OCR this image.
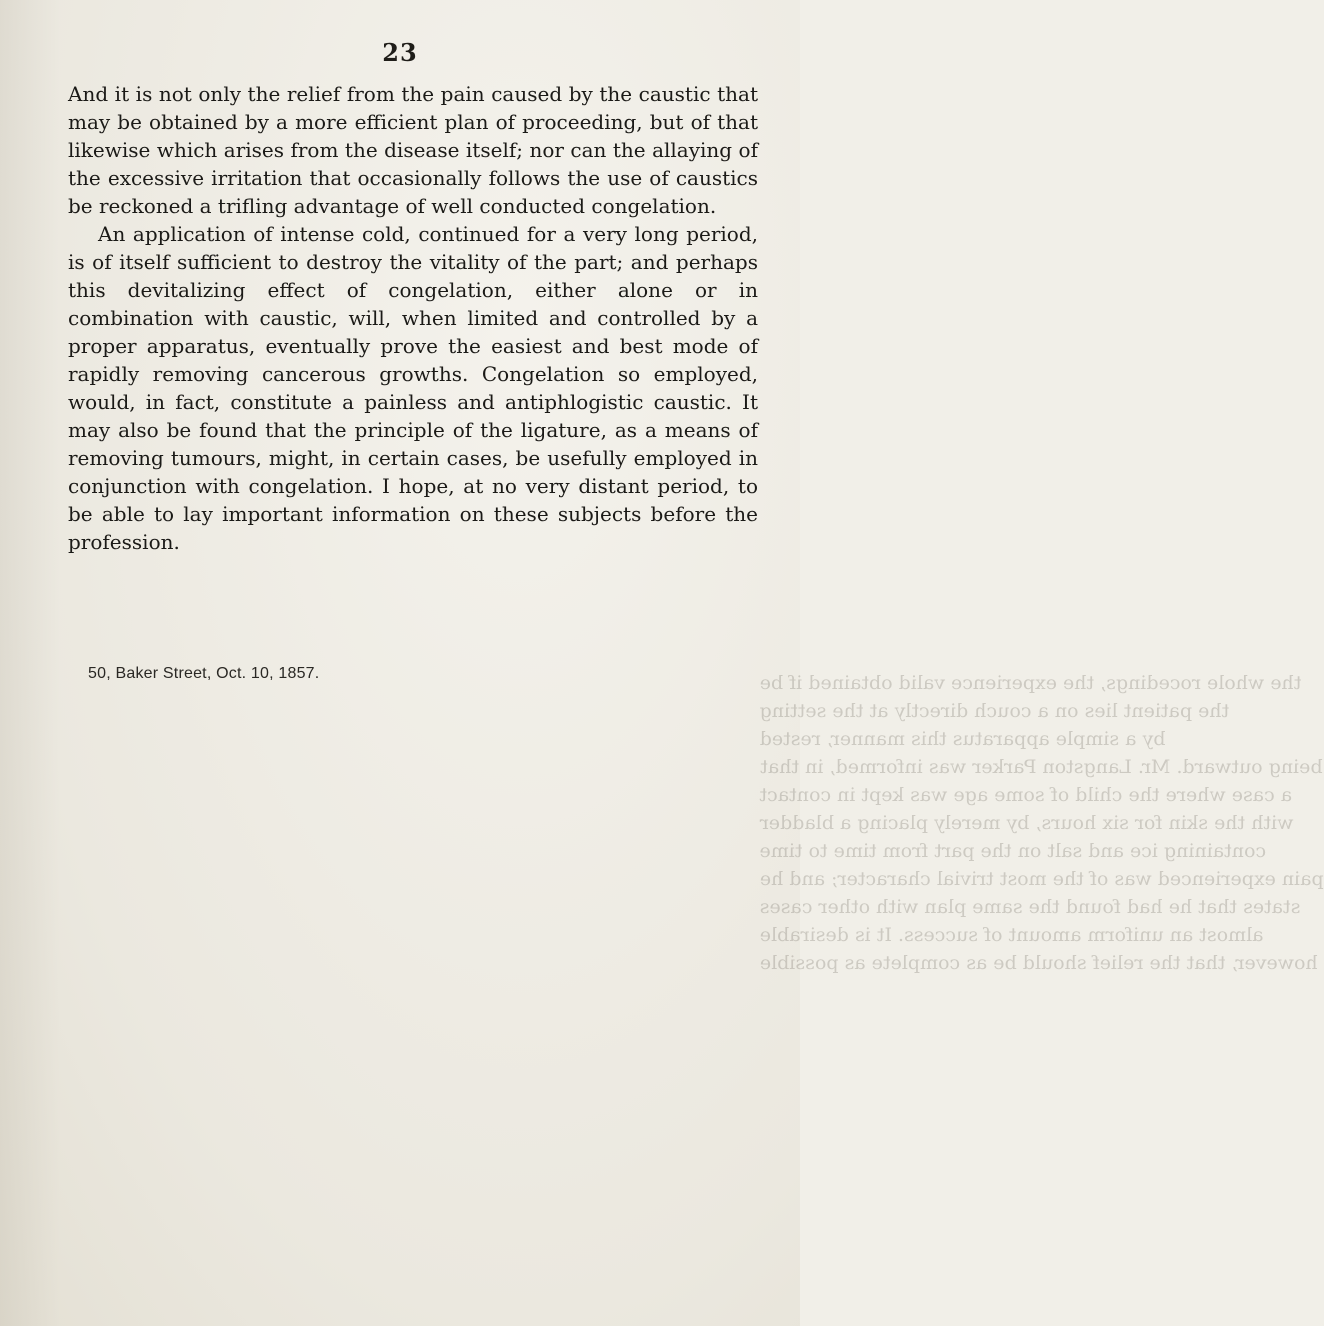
23

And it is not only the relief from the pain caused by the caustic that may be obtained by a more efficient plan of proceeding, but of that likewise which arises from the disease itself; nor can the allaying of the excessive irritation that occasionally follows the use of caustics be reckoned a trifling advantage of well conducted congelation.

An application of intense cold, continued for a very long period, is of itself sufficient to destroy the vitality of the part; and perhaps this devitalizing effect of congelation, either alone or in combination with caustic, will, when limited and controlled by a proper apparatus, eventually prove the easiest and best mode of rapidly removing cancerous growths. Congelation so employed, would, in fact, constitute a painless and antiphlogistic caustic. It may also be found that the principle of the ligature, as a means of removing tumours, might, in certain cases, be usefully employed in conjunction with congelation. I hope, at no very distant period, to be able to lay important information on these subjects before the profession.

50, Baker Street, Oct. 10, 1857.	the whole rocedings, the experience valid obtained if be
the patient lies on a couch directly at the setting
by a simple apparatus this manner, rested
being outward. Mr. Langston Parker was informed, in that
a case where the child of some age was kept in contact
with the skin for six hours, by merely placing a bladder
containing ice and salt on the part from time to time
pain experienced was of the most trivial character; and he
states that he had found the same plan with other cases
almost an uniform amount of success. It is desirable
however, that the relief should be as complete as possible
